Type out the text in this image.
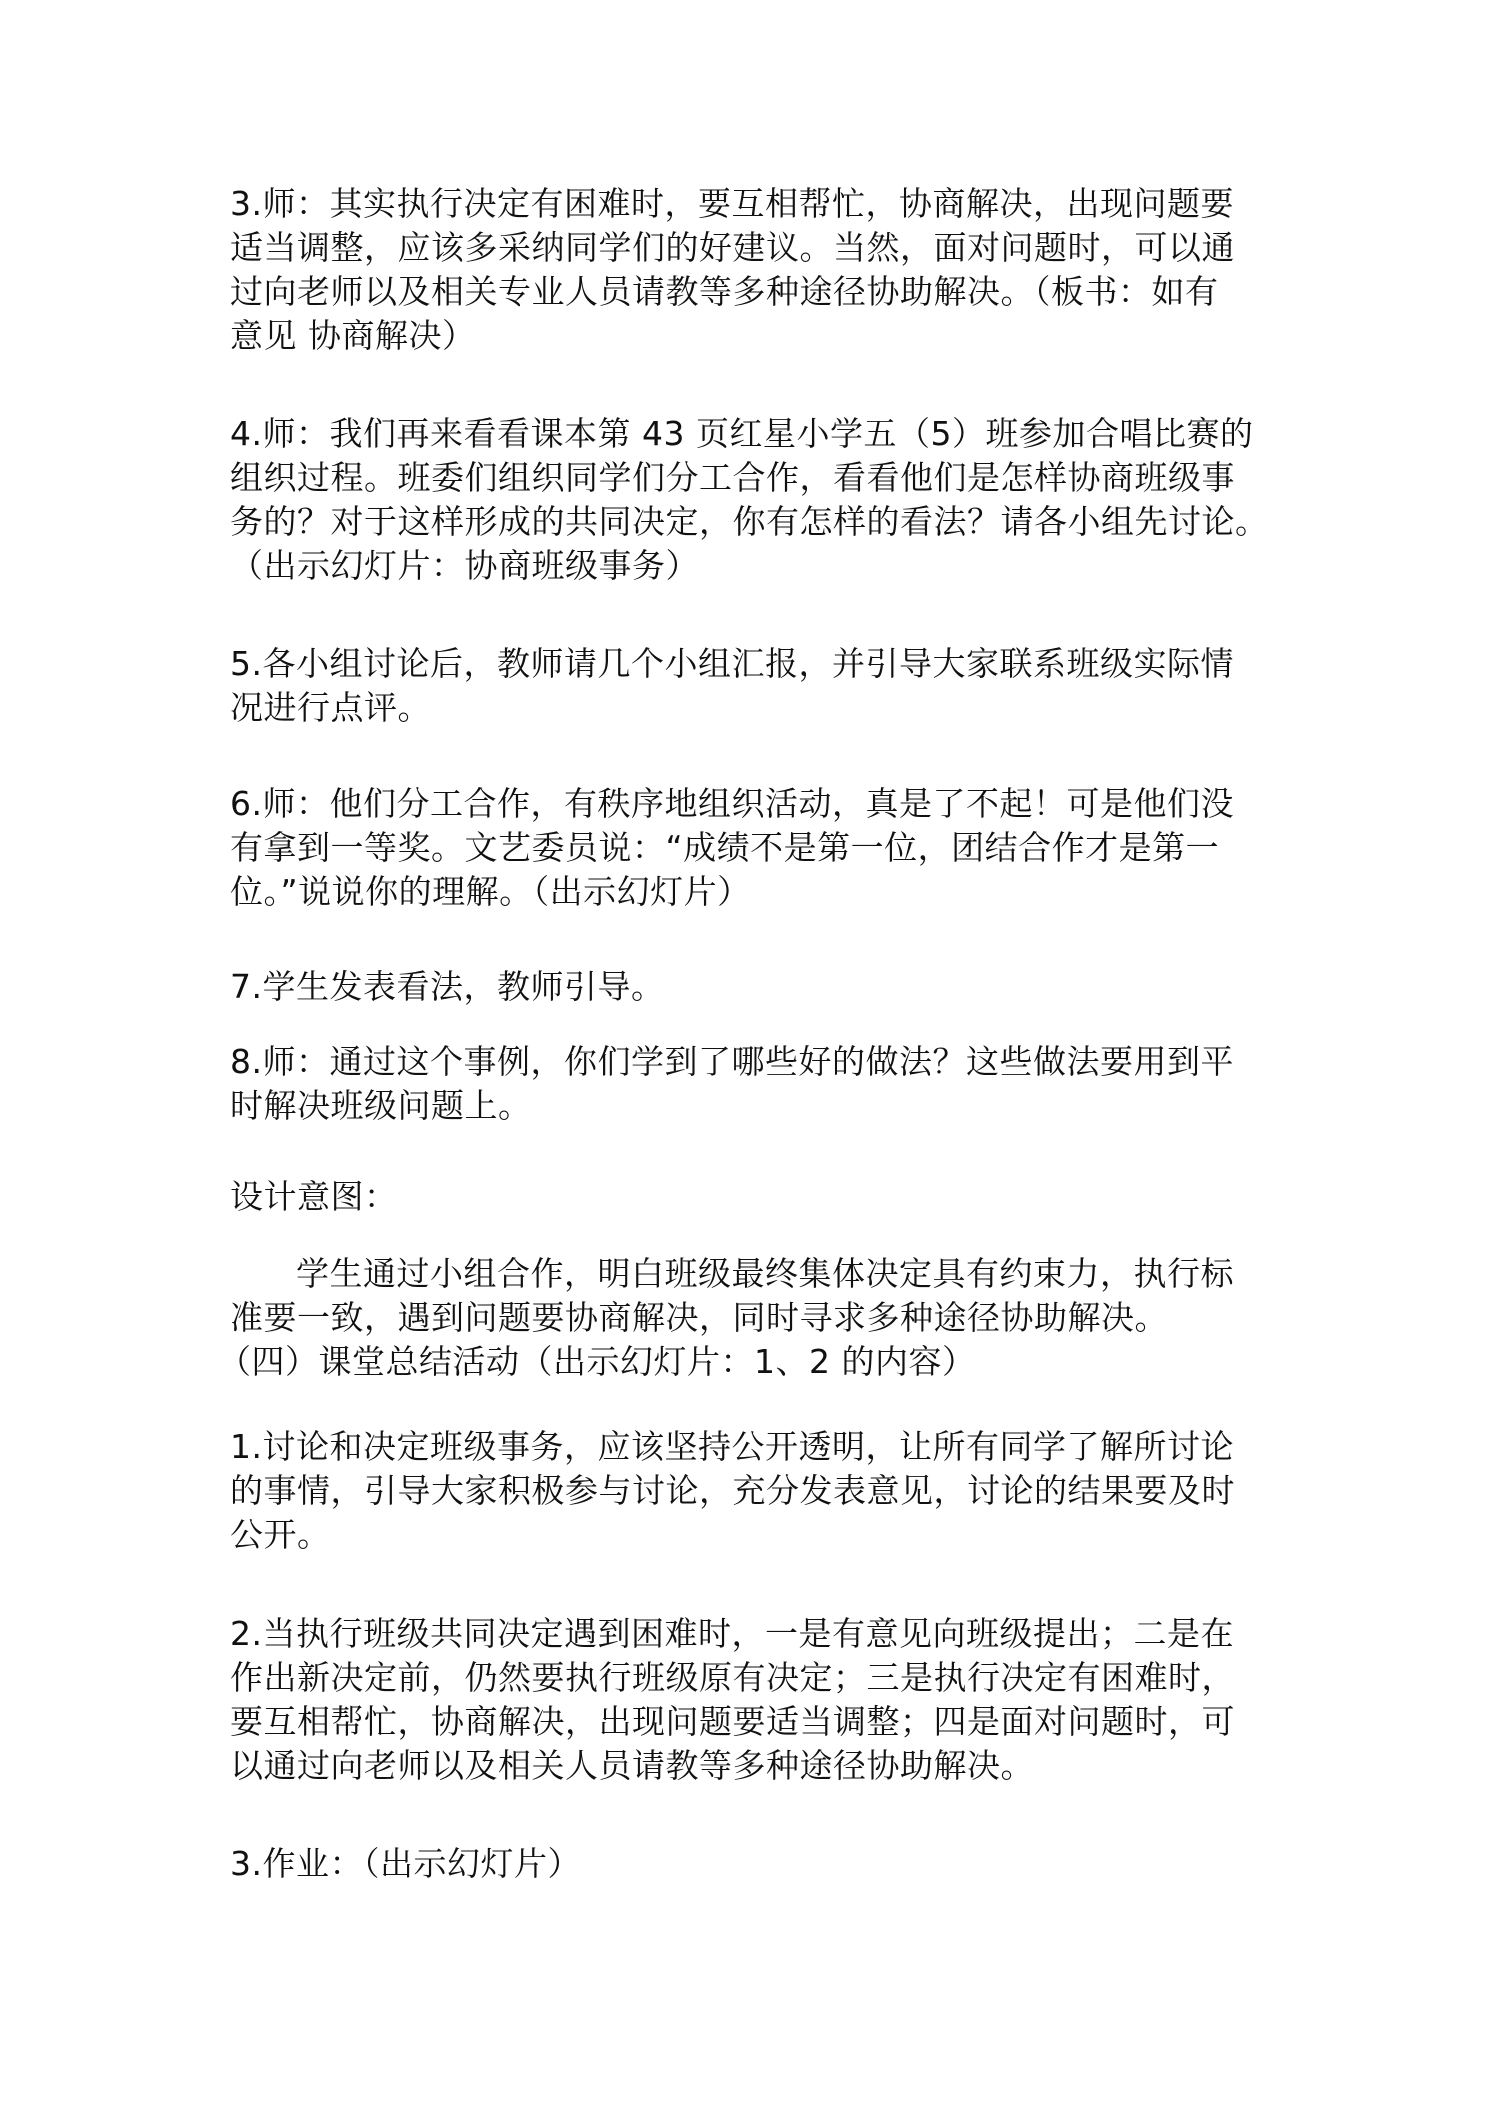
3.师：其实执行决定有困难时，要互相帮忙，协商解决，出现问题要
适当调整，应该多采纳同学们的好建议。当然，面对问题时，可以通
过向老师以及相关专业人员请教等多种途径协助解决。（板书：如有
意见 协商解决）
4.师：我们再来看看课本第 43 页红星小学五（5）班参加合唱比赛的
组织过程。班委们组织同学们分工合作，看看他们是怎样协商班级事
务的？对于这样形成的共同决定，你有怎样的看法？请各小组先讨论。
（出示幻灯片：协商班级事务）
5.各小组讨论后，教师请几个小组汇报，并引导大家联系班级实际情
况进行点评。
6.师：他们分工合作，有秩序地组织活动，真是了不起！可是他们没
有拿到一等奖。文艺委员说：“成绩不是第一位，团结合作才是第一
位。”说说你的理解。（出示幻灯片）
7.学生发表看法，教师引导。
8.师：通过这个事例，你们学到了哪些好的做法？这些做法要用到平
时解决班级问题上。
设计意图：
学生通过小组合作，明白班级最终集体决定具有约束力，执行标
准要一致，遇到问题要协商解决，同时寻求多种途径协助解决。
（四）课堂总结活动（出示幻灯片：1、2 的内容）
1.讨论和决定班级事务，应该坚持公开透明，让所有同学了解所讨论
的事情，引导大家积极参与讨论，充分发表意见，讨论的结果要及时
公开。
2.当执行班级共同决定遇到困难时，一是有意见向班级提出；二是在
作出新决定前，仍然要执行班级原有决定；三是执行决定有困难时，
要互相帮忙，协商解决，出现问题要适当调整；四是面对问题时，可
以通过向老师以及相关人员请教等多种途径协助解决。
3.作业：（出示幻灯片）
